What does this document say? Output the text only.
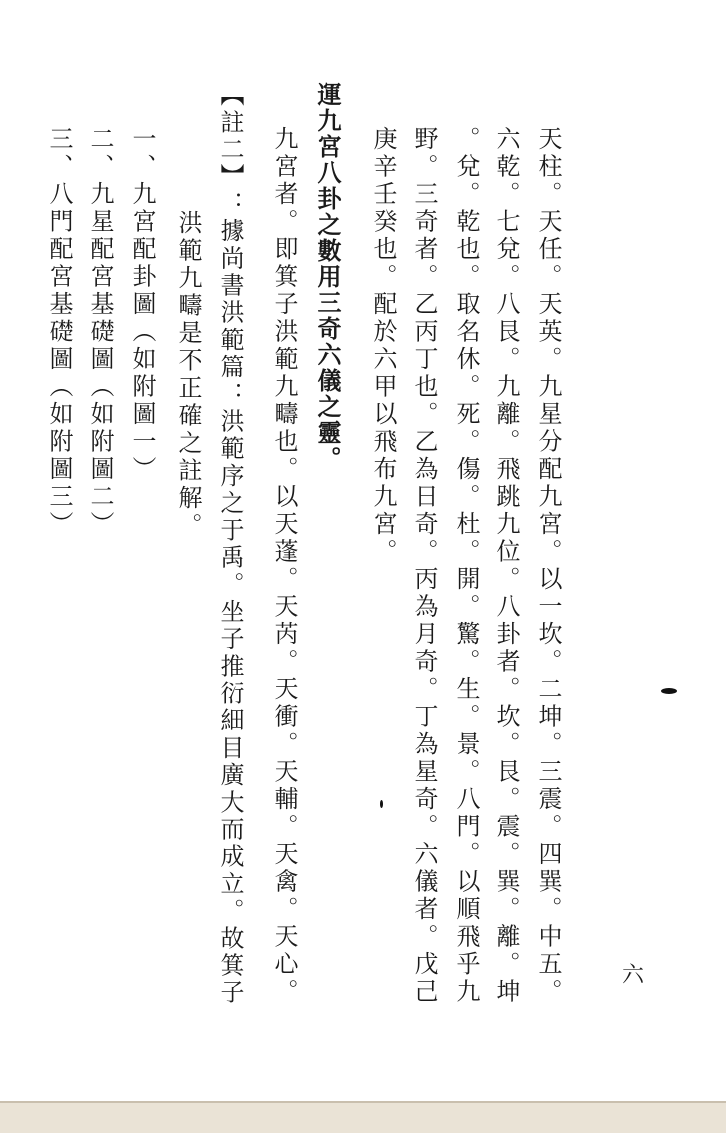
天柱。天任。天英。九星分配九宮。以一坎。二坤。三震。四巽。中五。
六乾。七兌。八艮。九離。飛跳九位。八卦者。坎。艮。震。巽。離。坤
。兌。乾也。取名休。死。傷。杜。開。驚。生。景。八門。以順飛乎九
野。三奇者。乙丙丁也。乙為日奇。丙為月奇。丁為星奇。六儀者。戊己
庚辛壬癸也。配於六甲以飛布九宮。
運九宮八卦之數用三奇六儀之靈。
九宮者。即箕子洪範九疇也。以天蓬。天芮。天衝。天輔。天禽。天心。
【註二】：據尚書洪範篇：洪範序之于禹。坐子推衍細目廣大而成立。故箕子
洪範九疇是不正確之註解。
一、九宮配卦圖（如附圖一）
二、九星配宮基礎圖（如附圖二）
三、八門配宮基礎圖（如附圖三）
六
